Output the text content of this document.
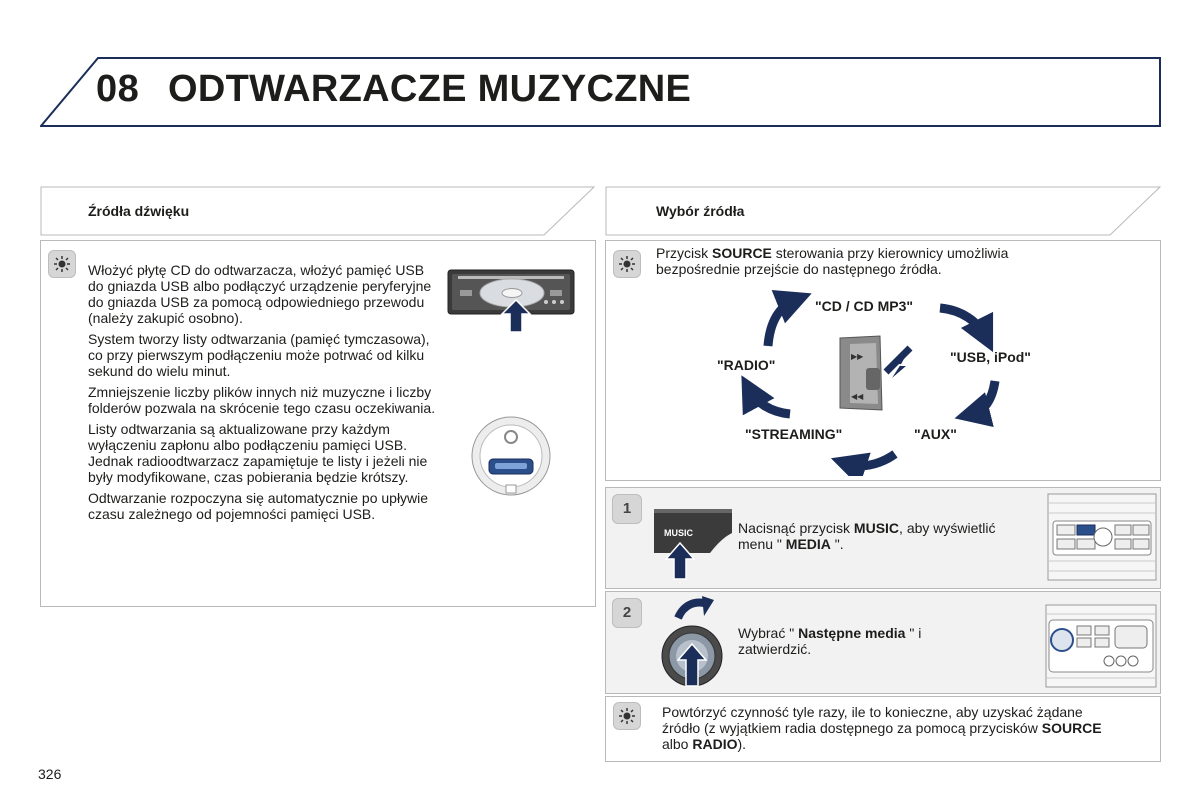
08 ODTWARZACZE MUZYCZNE
Źródła dźwięku

Włożyć płytę CD do odtwarzacza, włożyć pamięć USB do gniazda USB albo podłączyć urządzenie peryferyjne do gniazda USB za pomocą odpowiedniego przewodu (należy zakupić osobno).

System tworzy listy odtwarzania (pamięć tymczasowa), co przy pierwszym podłączeniu może potrwać od kilku sekund do wielu minut.

Zmniejszenie liczby plików innych niż muzyczne i liczby folderów pozwala na skrócenie tego czasu oczekiwania.

Listy odtwarzania są aktualizowane przy każdym wyłączeniu zapłonu albo podłączeniu pamięci USB. Jednak radioodtwarzacz zapamiętuje te listy i jeżeli nie były modyfikowane, czas pobierania będzie krótszy.

Odtwarzanie rozpoczyna się automatycznie po upływie czasu zależnego od pojemności pamięci USB.

Wybór źródła
Przycisk SOURCE sterowania przy kierownicy umożliwia bezpośrednie przejście do następnego źródła.
▶▶
◀◀
"CD / CD MP3"
"USB, iPod"
"AUX"
"STREAMING"
"RADIO"
1
MUSIC	Nacisnąć przycisk MUSIC, aby wyświetlić menu " MEDIA ".
2
Wybrać " Następne media " i zatwierdzić.
Powtórzyć czynność tyle razy, ile to konieczne, aby uzyskać żądane źródło (z wyjątkiem radia dostępnego za pomocą przycisków SOURCE albo RADIO).
326
